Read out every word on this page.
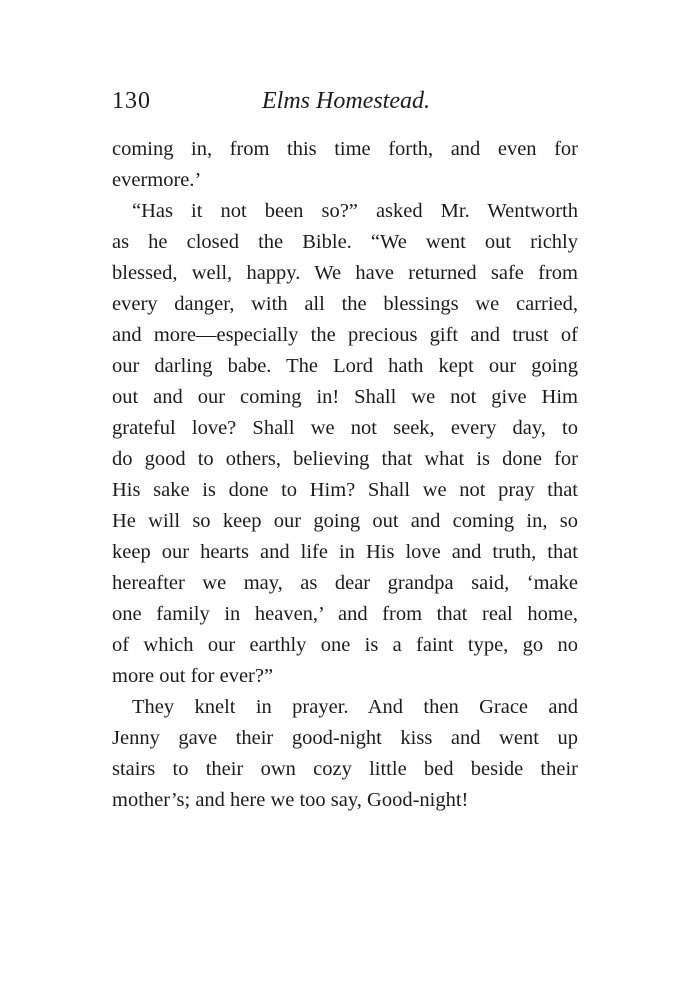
130	Elms Homestead.
coming in, from this time forth, and even for
evermore.’
“Has it not been so?” asked Mr. Wentworth
as he closed the Bible. “We went out richly
blessed, well, happy. We have returned safe from
every danger, with all the blessings we carried,
and more—especially the precious gift and trust of
our darling babe. The Lord hath kept our going
out and our coming in! Shall we not give Him
grateful love? Shall we not seek, every day, to
do good to others, believing that what is done for
His sake is done to Him? Shall we not pray that
He will so keep our going out and coming in, so
keep our hearts and life in His love and truth, that
hereafter we may, as dear grandpa said, ‘make
one family in heaven,’ and from that real home,
of which our earthly one is a faint type, go no
more out for ever?”
They knelt in prayer. And then Grace and
Jenny gave their good-night kiss and went up
stairs to their own cozy little bed beside their
mother’s; and here we too say, Good-night!
